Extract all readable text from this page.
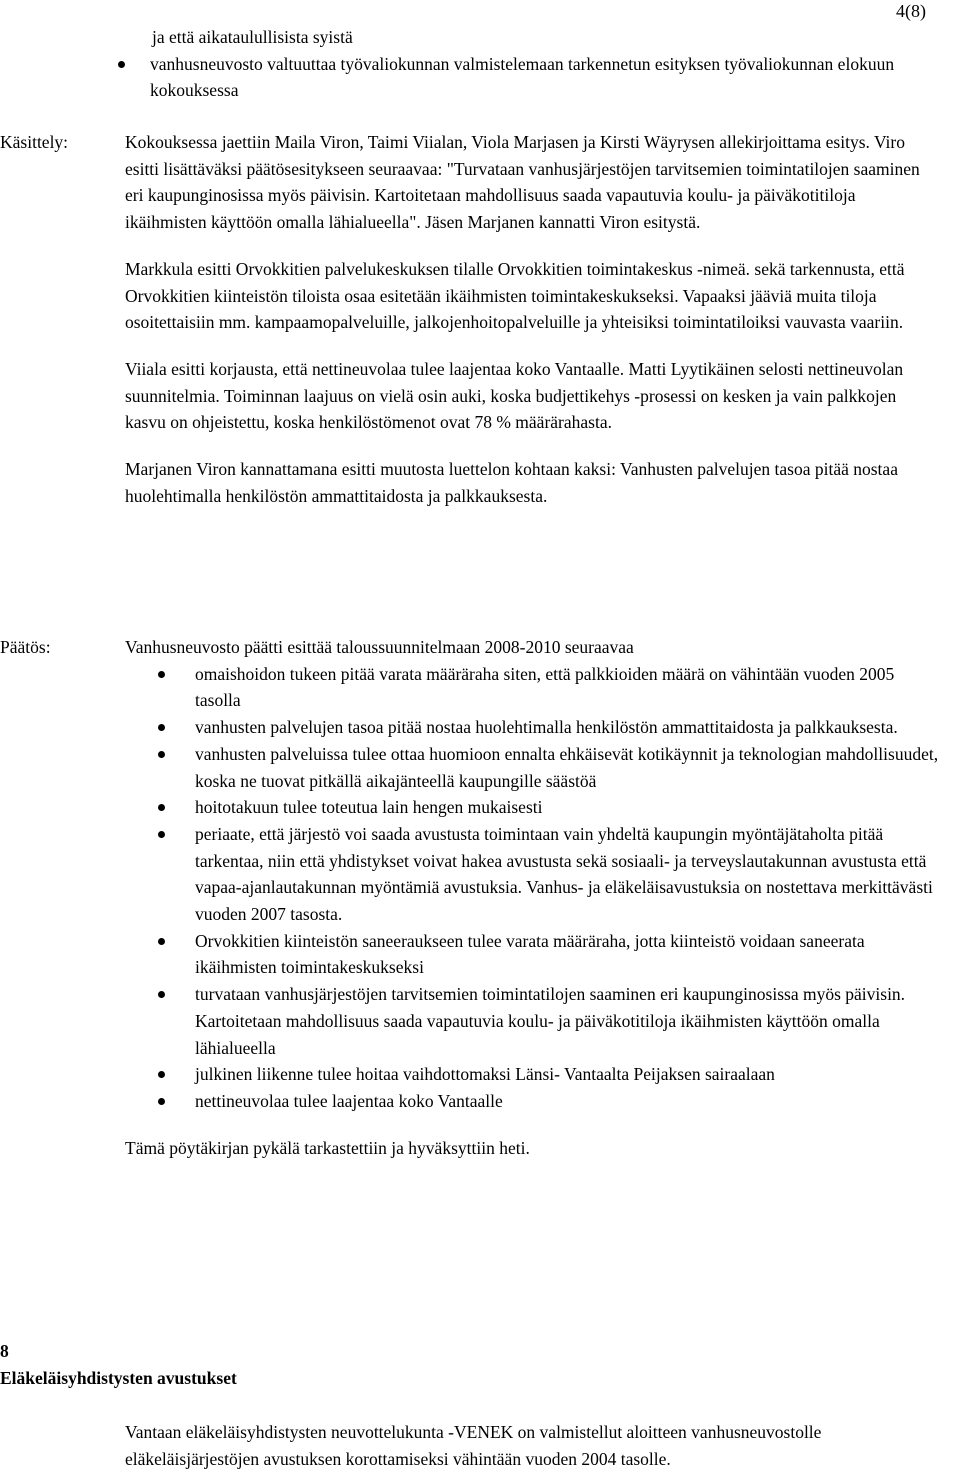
4(8)

ja että aikataulullisista syistä

vanhusneuvosto valtuuttaa työvaliokunnan valmistelemaan tarkennetun esityksen työvaliokunnan elokuun kokouksessa
Käsittely:	Kokouksessa jaettiin Maila Viron, Taimi Viialan, Viola Marjasen ja Kirsti Wäyrysen allekirjoittama esitys. Viro esitti lisättäväksi päätösesitykseen seuraavaa: "Turvataan vanhusjärjestöjen tarvitsemien toimintatilojen saaminen eri kaupunginosissa myös päivisin. Kartoitetaan mahdollisuus saada vapautuvia koulu- ja päiväkotitiloja ikäihmisten käyttöön omalla lähialueella". Jäsen Marjanen kannatti Viron esitystä.

Markkula esitti Orvokkitien palvelukeskuksen tilalle Orvokkitien toimintakeskus -nimeä. sekä tarkennusta, että Orvokkitien kiinteistön tiloista osaa esitetään ikäihmisten toimintakeskukseksi. Vapaaksi jääviä muita tiloja osoitettaisiin mm. kampaamopalveluille, jalkojenhoitopalveluille ja yhteisiksi toimintatiloiksi vauvasta vaariin.

Viiala esitti korjausta, että nettineuvolaa tulee laajentaa koko Vantaalle. Matti Lyytikäinen selosti nettineuvolan suunnitelmia. Toiminnan laajuus on vielä osin auki, koska budjettikehys -prosessi on kesken ja vain palkkojen kasvu on ohjeistettu, koska henkilöstömenot ovat 78 % määrärahasta.

Marjanen Viron kannattamana esitti muutosta luettelon kohtaan kaksi: Vanhusten palvelujen tasoa pitää nostaa huolehtimalla henkilöstön ammattitaidosta ja palkkauksesta.

Päätös:	Vanhusneuvosto päätti esittää taloussuunnitelmaan 2008-2010 seuraavaa

omaishoidon tukeen pitää varata määräraha siten, että palkkioiden määrä on vähintään vuoden 2005 tasolla
vanhusten palvelujen tasoa pitää nostaa huolehtimalla henkilöstön ammattitaidosta ja palkkauksesta.
vanhusten palveluissa tulee ottaa huomioon ennalta ehkäisevät kotikäynnit ja teknologian mahdollisuudet, koska ne tuovat pitkällä aikajänteellä kaupungille säästöä
hoitotakuun tulee toteutua lain hengen mukaisesti
periaate, että järjestö voi saada avustusta toimintaan vain yhdeltä kaupungin myöntäjätaholta pitää tarkentaa, niin että yhdistykset voivat hakea avustusta sekä sosiaali- ja terveyslautakunnan avustusta että vapaa-ajanlautakunnan myöntämiä avustuksia. Vanhus- ja eläkeläisavustuksia on nostettava merkittävästi vuoden 2007 tasosta.
Orvokkitien kiinteistön saneeraukseen tulee varata määräraha, jotta kiinteistö voidaan saneerata ikäihmisten toimintakeskukseksi
turvataan vanhusjärjestöjen tarvitsemien toimintatilojen saaminen eri kaupunginosissa myös päivisin. Kartoitetaan mahdollisuus saada vapautuvia koulu- ja päiväkotitiloja ikäihmisten käyttöön omalla lähialueella
julkinen liikenne tulee hoitaa vaihdottomaksi Länsi- Vantaalta Peijaksen sairaalaan
nettineuvolaa tulee laajentaa koko Vantaalle

Tämä pöytäkirjan pykälä tarkastettiin ja hyväksyttiin heti.

8
Eläkeläisyhdistysten avustukset

Vantaan eläkeläisyhdistysten neuvottelukunta -VENEK on valmistellut aloitteen vanhusneuvostolle eläkeläisjärjestöjen avustuksen korottamiseksi vähintään vuoden 2004 tasolle.
